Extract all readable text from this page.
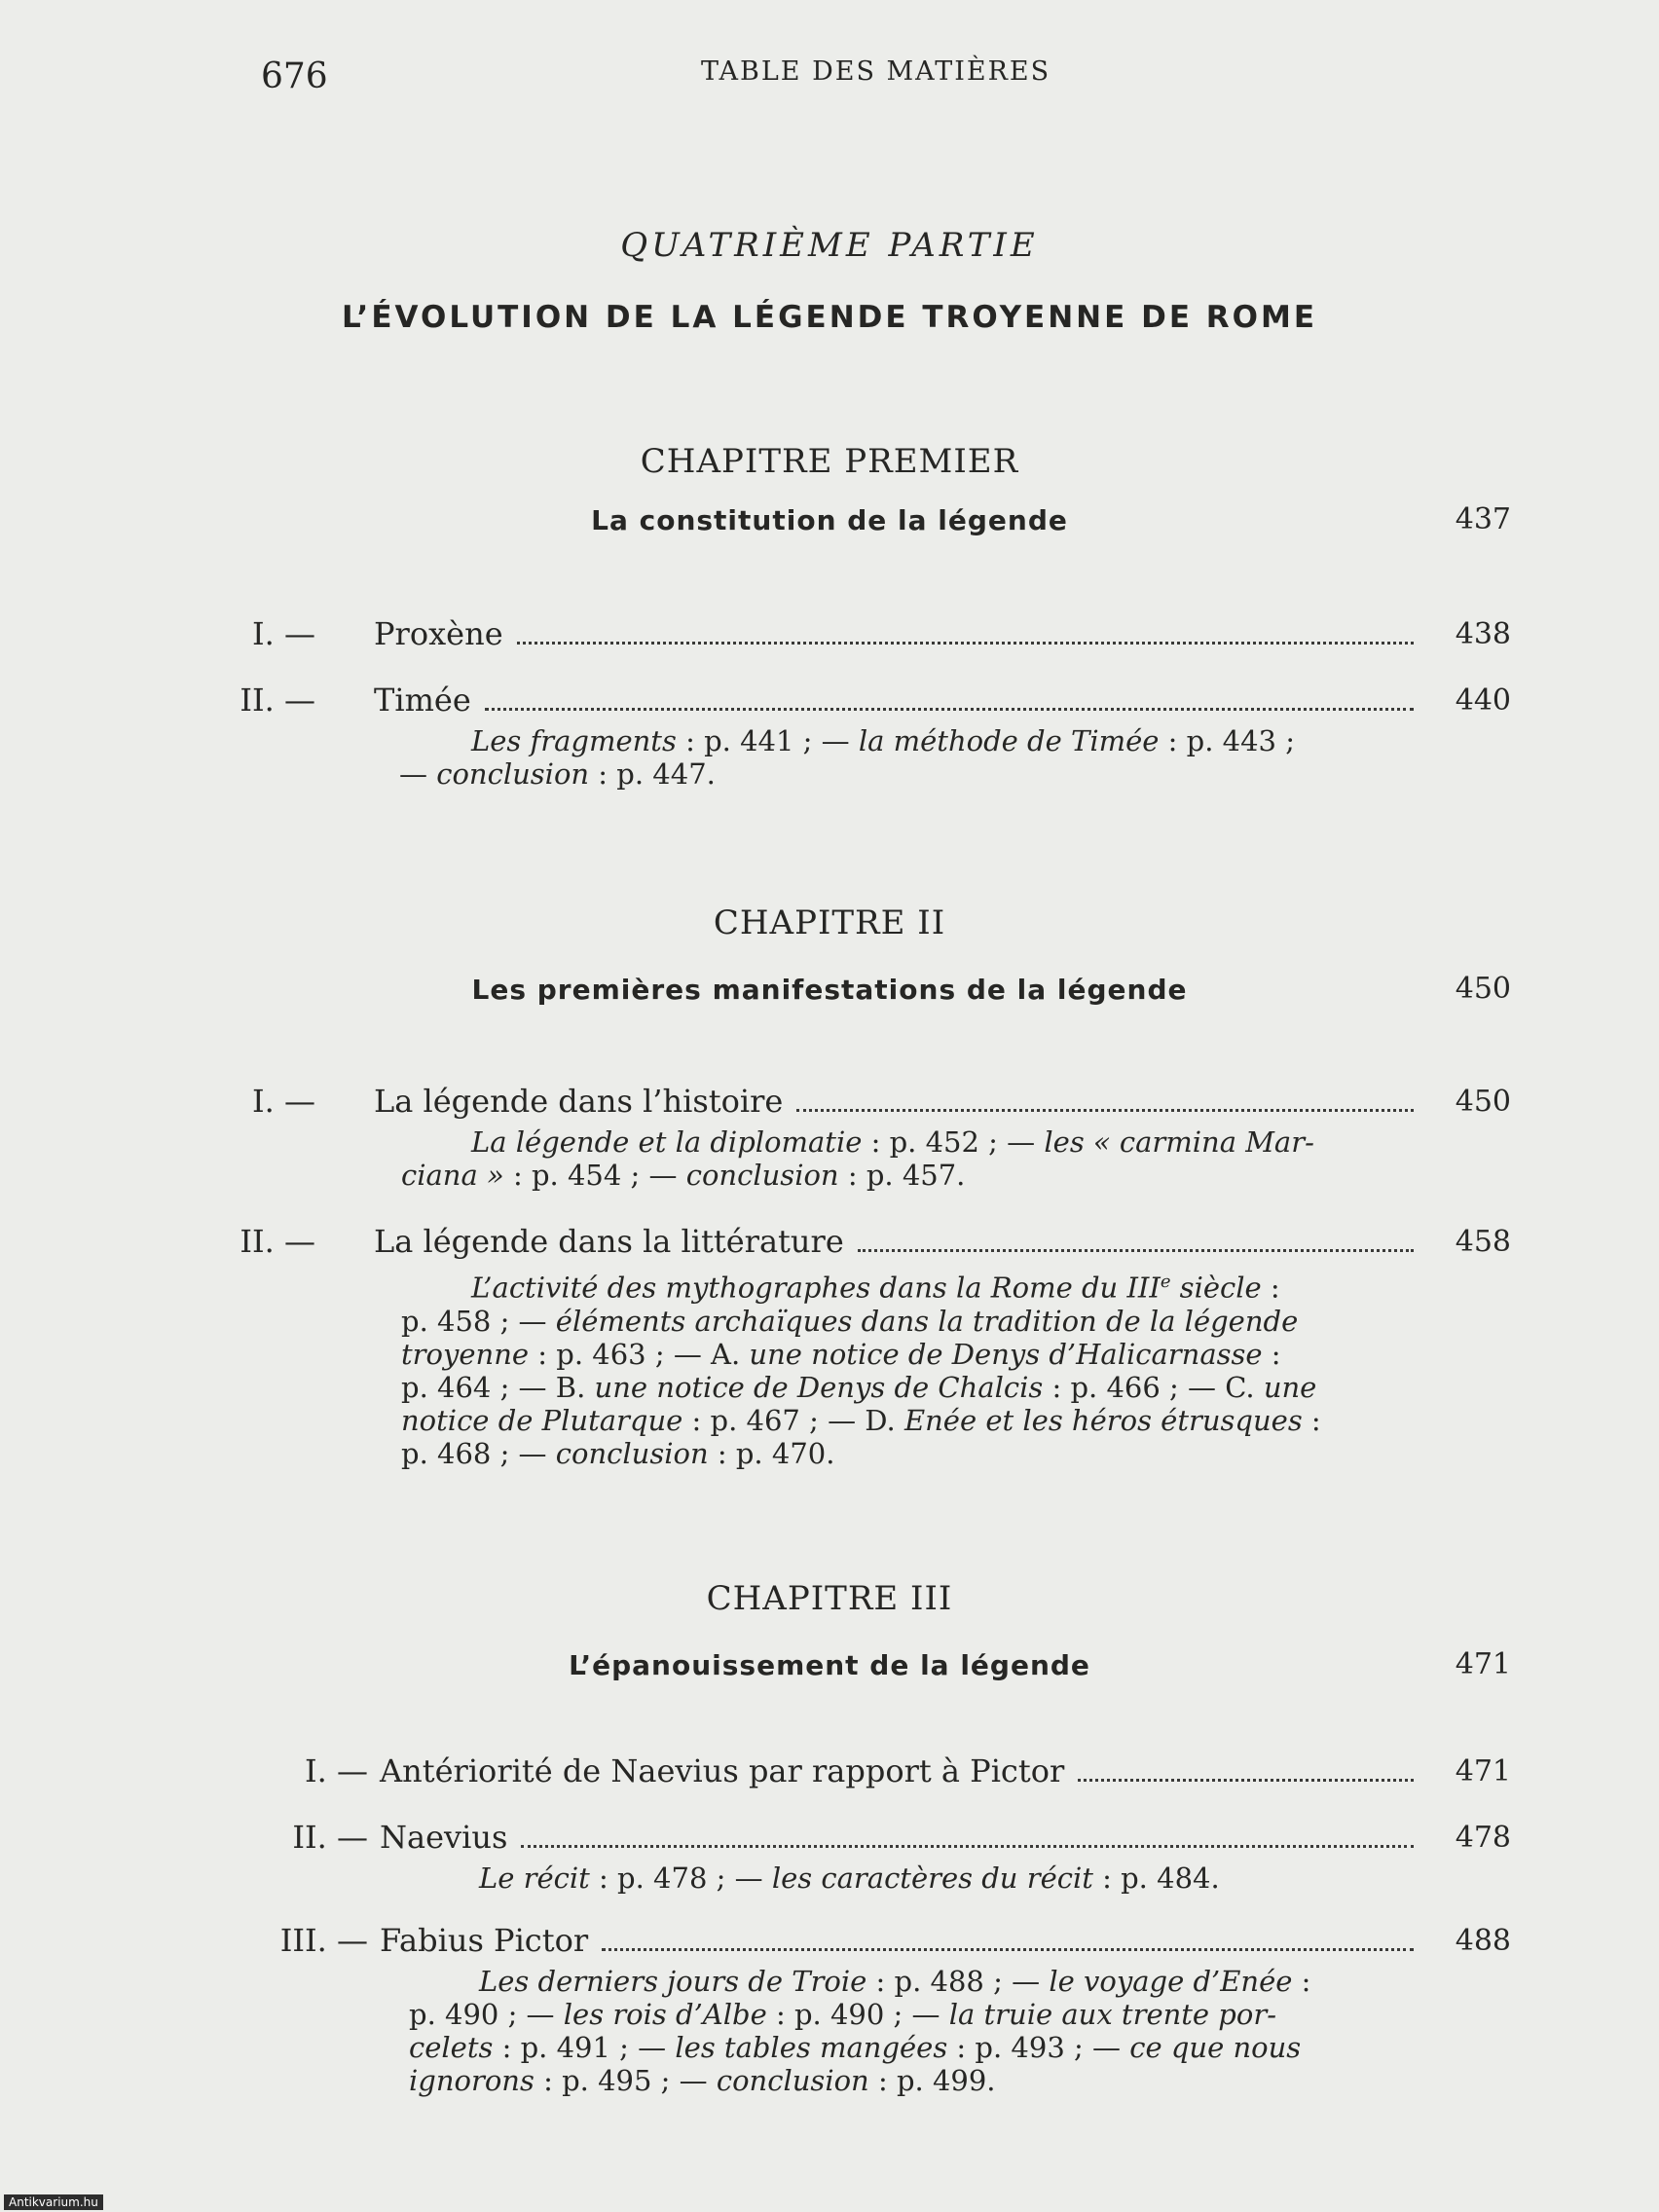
676	TABLE DES MATIÈRES
QUATRIÈME PARTIE
L’ÉVOLUTION DE LA LÉGENDE TROYENNE DE ROME
CHAPITRE PREMIER
La constitution de la légende	437
I. — Proxène	438
II. — Timée	440
Les fragments : p. 441 ; — la méthode de Timée : p. 443 ;
— conclusion : p. 447.
CHAPITRE II
Les premières manifestations de la légende	450
I. — La légende dans l’histoire	450
La légende et la diplomatie : p. 452 ; — les « carmina Mar-
ciana » : p. 454 ; — conclusion : p. 457.
II. — La légende dans la littérature	458
L’activité des mythographes dans la Rome du IIIe siècle :
p. 458 ; — éléments archaïques dans la tradition de la légende
troyenne : p. 463 ; — A. une notice de Denys d’Halicarnasse :
p. 464 ; — B. une notice de Denys de Chalcis : p. 466 ; — C. une
notice de Plutarque : p. 467 ; — D. Enée et les héros étrusques :
p. 468 ; — conclusion : p. 470.
CHAPITRE III
L’épanouissement de la légende	471
I. — Antériorité de Naevius par rapport à Pictor	471
II. — Naevius	478
Le récit : p. 478 ; — les caractères du récit : p. 484.
III. — Fabius Pictor	488
Les derniers jours de Troie : p. 488 ; — le voyage d’Enée :
p. 490 ; — les rois d’Albe : p. 490 ; — la truie aux trente por-
celets : p. 491 ; — les tables mangées : p. 493 ; — ce que nous
ignorons : p. 495 ; — conclusion : p. 499.
Antikvarium.hu
